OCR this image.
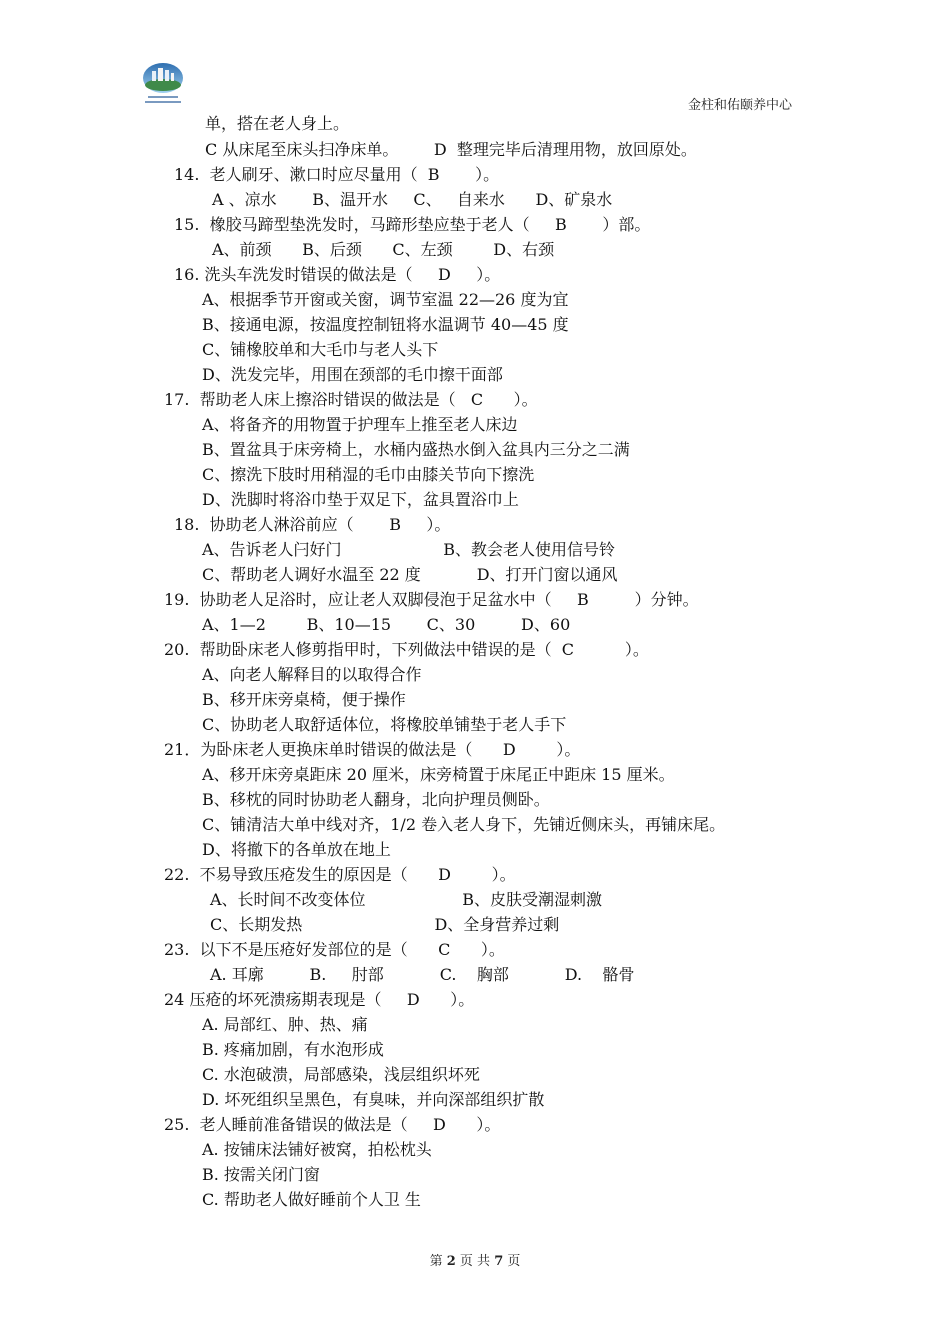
金柱和佑颐养中心
单，搭在老人身上。
C 从床尾至床头扫净床单。       D  整理完毕后清理用物，放回原处。
14.  老人刷牙、漱口时应尽量用（  B       ）。
A 、凉水       B、温开水     C、   自来水      D、矿泉水
15.  橡胶马蹄型垫洗发时，马蹄形垫应垫于老人（     B       ）部。
A、前颈      B、后颈      C、左颈        D、右颈
16. 洗头车洗发时错误的做法是（     D     ）。
A、根据季节开窗或关窗，调节室温 22—26 度为宜
B、接通电源，按温度控制钮将水温调节 40—45 度
C、铺橡胶单和大毛巾与老人头下
D、洗发完毕，用围在颈部的毛巾擦干面部
17.  帮助老人床上擦浴时错误的做法是（   C      ）。
A、将备齐的用物置于护理车上推至老人床边
B、置盆具于床旁椅上，水桶内盛热水倒入盆具内三分之二满
C、擦洗下肢时用稍湿的毛巾由膝关节向下擦洗
D、洗脚时将浴巾垫于双足下，盆具置浴巾上
18.  协助老人淋浴前应（       B     ）。
A、告诉老人闩好门                    B、教会老人使用信号铃
C、帮助老人调好水温至 22 度           D、打开门窗以通风
19.  协助老人足浴时，应让老人双脚侵泡于足盆水中（     B         ）分钟。
A、1—2        B、10—15       C、30         D、60
20.  帮助卧床老人修剪指甲时，下列做法中错误的是（  C          ）。
A、向老人解释目的以取得合作
B、移开床旁桌椅，便于操作
C、协助老人取舒适体位，将橡胶单铺垫于老人手下
21．为卧床老人更换床单时错误的做法是（      D        ）。
A、移开床旁桌距床 20 厘米，床旁椅置于床尾正中距床 15 厘米。
B、移枕的同时协助老人翻身，北向护理员侧卧。
C、铺清洁大单中线对齐，1/2 卷入老人身下，先铺近侧床头，再铺床尾。
D、将撤下的各单放在地上
22.  不易导致压疮发生的原因是（      D        ）。
A、长时间不改变体位                   B、皮肤受潮湿刺激
C、长期发热                          D、全身营养过剩
23.  以下不是压疮好发部位的是（      C      ）。
A. 耳廓         B.     肘部           C.    胸部           D.    骼骨
24 压疮的坏死溃疡期表现是（     D      ）。
A. 局部红、肿、热、痛
B. 疼痛加剧，有水泡形成
C. 水泡破溃，局部感染，浅层组织坏死
D. 坏死组织呈黑色，有臭味，并向深部组织扩散
25.  老人睡前准备错误的做法是（     D      ）。
A. 按铺床法铺好被窝，拍松枕头
B. 按需关闭门窗
C. 帮助老人做好睡前个人卫 生
第 2 页 共 7 页
